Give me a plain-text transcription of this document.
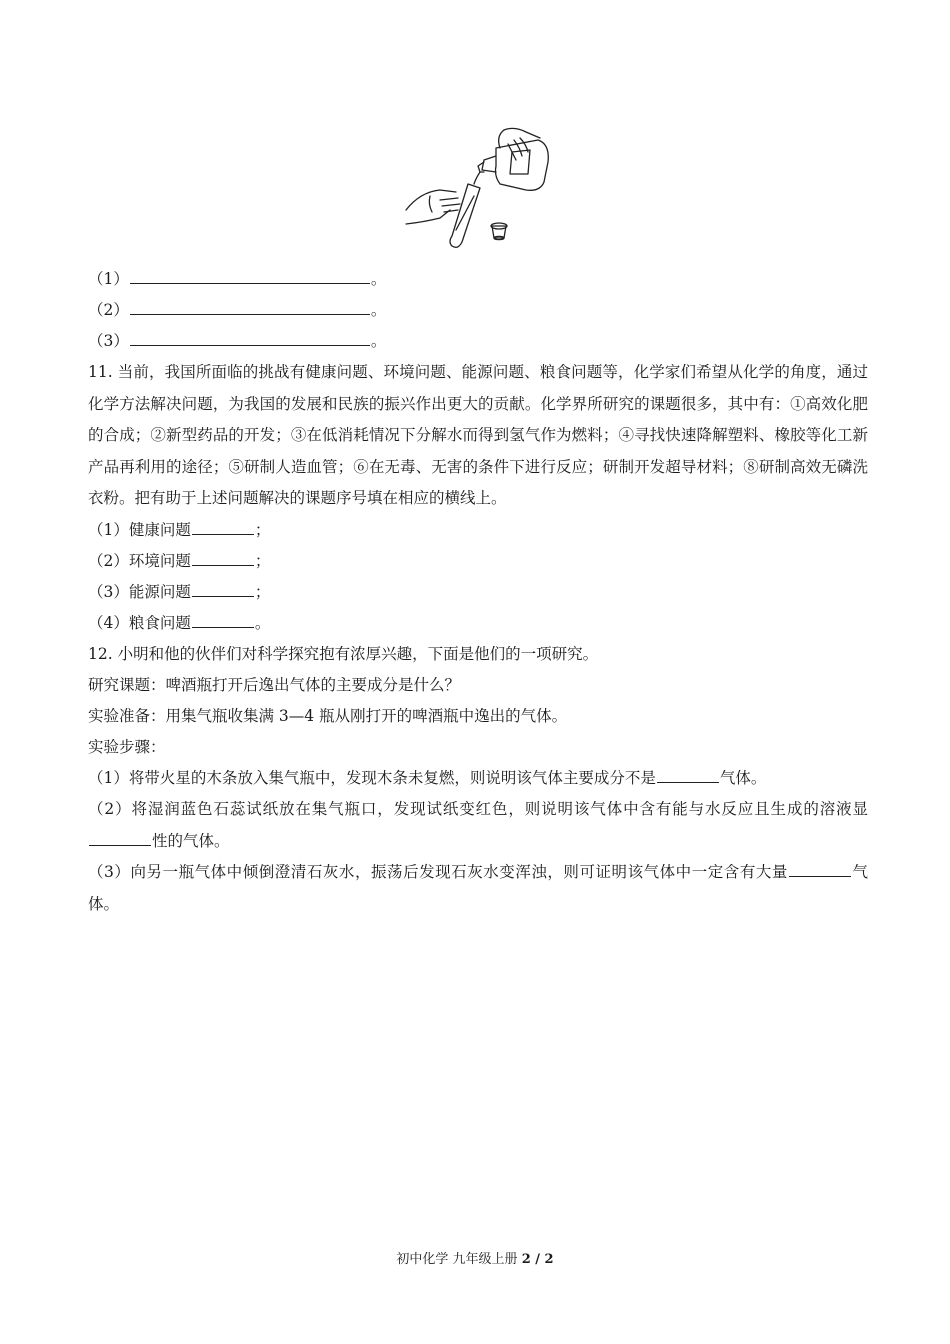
（1）	。
（2）	。
（3）	。
11. 当前，我国所面临的挑战有健康问题、环境问题、能源问题、粮食问题等，化学家们希望从化学的角度，通过化学方法解决问题，为我国的发展和民族的振兴作出更大的贡献。化学界所研究的课题很多，其中有：①高效化肥的合成；②新型药品的开发；③在低消耗情况下分解水而得到氢气作为燃料；④寻找快速降解塑料、橡胶等化工新产品再利用的途径；⑤研制人造血管；⑥在无毒、无害的条件下进行反应；研制开发超导材料；⑧研制高效无磷洗衣粉。把有助于上述问题解决的课题序号填在相应的横线上。
（1）健康问题	；
（2）环境问题	；
（3）能源问题	；
（4）粮食问题	。
12. 小明和他的伙伴们对科学探究抱有浓厚兴趣，下面是他们的一项研究。
研究课题：啤酒瓶打开后逸出气体的主要成分是什么？
实验准备：用集气瓶收集满 3—4 瓶从刚打开的啤酒瓶中逸出的气体。
实验步骤：
（1）将带火星的木条放入集气瓶中，发现木条未复燃，则说明该气体主要成分不是	气体。
（2）将湿润蓝色石蕊试纸放在集气瓶口，发现试纸变红色，则说明该气体中含有能与水反应且生成的溶液显性的气体。
（3）向另一瓶气体中倾倒澄清石灰水，振荡后发现石灰水变浑浊，则可证明该气体中一定含有大量	气体。
初中化学 九年级上册 2 / 2
